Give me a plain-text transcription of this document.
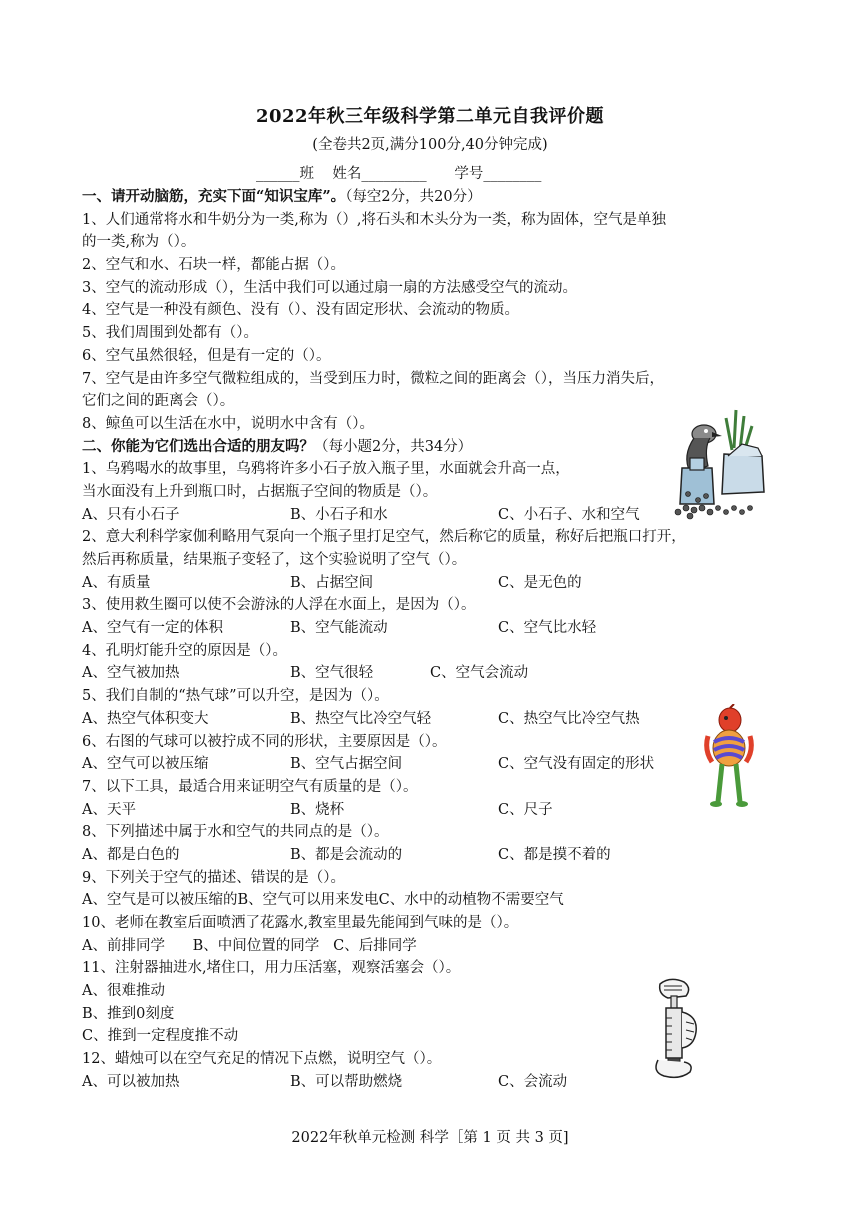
2022年秋三年级科学第二单元自我评价题
(全卷共2页,满分100分,40分钟完成)
______班    姓名_________      学号________
一、请开动脑筋，充实下面“知识宝库”。（每空2分，共20分）
1、人们通常将水和牛奶分为一类,称为（）,将石头和木头分为一类，称为固体，空气是单独
的一类,称为（）。
2、空气和水、石块一样，都能占据（）。
3、空气的流动形成（），生活中我们可以通过扇一扇的方法感受空气的流动。
4、空气是一种没有颜色、没有（）、没有固定形状、会流动的物质。
5、我们周围到处都有（）。
6、空气虽然很轻，但是有一定的（）。
7、空气是由许多空气微粒组成的，当受到压力时，微粒之间的距离会（），当压力消失后，
它们之间的距离会（）。
8、鲸鱼可以生活在水中，说明水中含有（）。
二、你能为它们选出合适的朋友吗？（每小题2分，共34分）
1、乌鸦喝水的故事里，乌鸦将许多小石子放入瓶子里，水面就会升高一点，
当水面没有上升到瓶口时，占据瓶子空间的物质是（）。
A、只有小石子	B、小石子和水	C、小石子、水和空气
2、意大利科学家伽利略用气泵向一个瓶子里打足空气，然后称它的质量，称好后把瓶口打开，
然后再称质量，结果瓶子变轻了，这个实验说明了空气（）。
A、有质量	B、占据空间	C、是无色的
3、使用救生圈可以使不会游泳的人浮在水面上，是因为（）。
A、空气有一定的体积	B、空气能流动	C、空气比水轻
4、孔明灯能升空的原因是（）。
A、空气被加热	B、空气很轻	C、空气会流动
5、我们自制的“热气球”可以升空，是因为（）。
A、热空气体积变大	B、热空气比冷空气轻	C、热空气比冷空气热
6、右图的气球可以被拧成不同的形状，主要原因是（）。
A、空气可以被压缩	B、空气占据空间	C、空气没有固定的形状
7、以下工具，最适合用来证明空气有质量的是（）。
A、天平	B、烧杯	C、尺子
8、下列描述中属于水和空气的共同点的是（）。
A、都是白色的	B、都是会流动的	C、都是摸不着的
9、下列关于空气的描述、错误的是（）。
A、空气是可以被压缩的B、空气可以用来发电C、水中的动植物不需要空气
10、老师在教室后面喷洒了花露水,教室里最先能闻到气味的是（）。
A、前排同学      B、中间位置的同学   C、后排同学
11、注射器抽进水,堵住口，用力压活塞，观察活塞会（）。
A、很难推动
B、推到0刻度
C、推到一定程度推不动
12、蜡烛可以在空气充足的情况下点燃，说明空气（）。
A、可以被加热	B、可以帮助燃烧	C、会流动
2022年秋单元检测 科学［第 1 页 共 3 页]
